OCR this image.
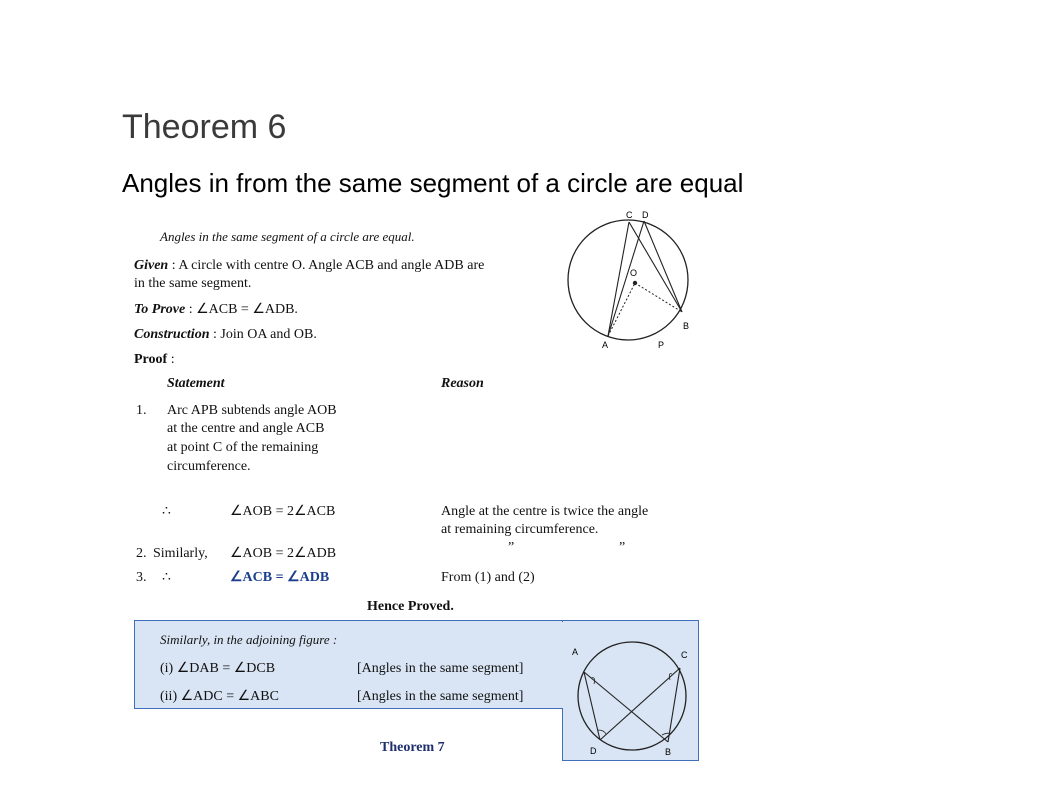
Theorem 6
Angles in from the same segment of a circle are equal
Angles in the same segment of a circle are equal.
Given : A circle with centre O. Angle ACB and angle ADB are
in the same segment.
To Prove : ∠ACB = ∠ADB.
Construction : Join OA and OB.
Proof :
Statement	Reason
1. Arc APB subtends angle AOB
at the centre and angle ACB
at point C of the remaining
circumference.
∴	∠AOB = 2∠ACB	Angle at the centre is twice the angle
at remaining circumference.
2. Similarly, ∠AOB = 2∠ADB	”	”
3. ∴	∠ACB = ∠ADB	From (1) and (2)
Hence Proved.
C D
O
A	P
B
Similarly, in the adjoining figure :
(i) ∠DAB = ∠DCB	[Angles in the same segment]
(ii) ∠ADC = ∠ABC	[Angles in the same segment]
A	C
D	B
Theorem 7
